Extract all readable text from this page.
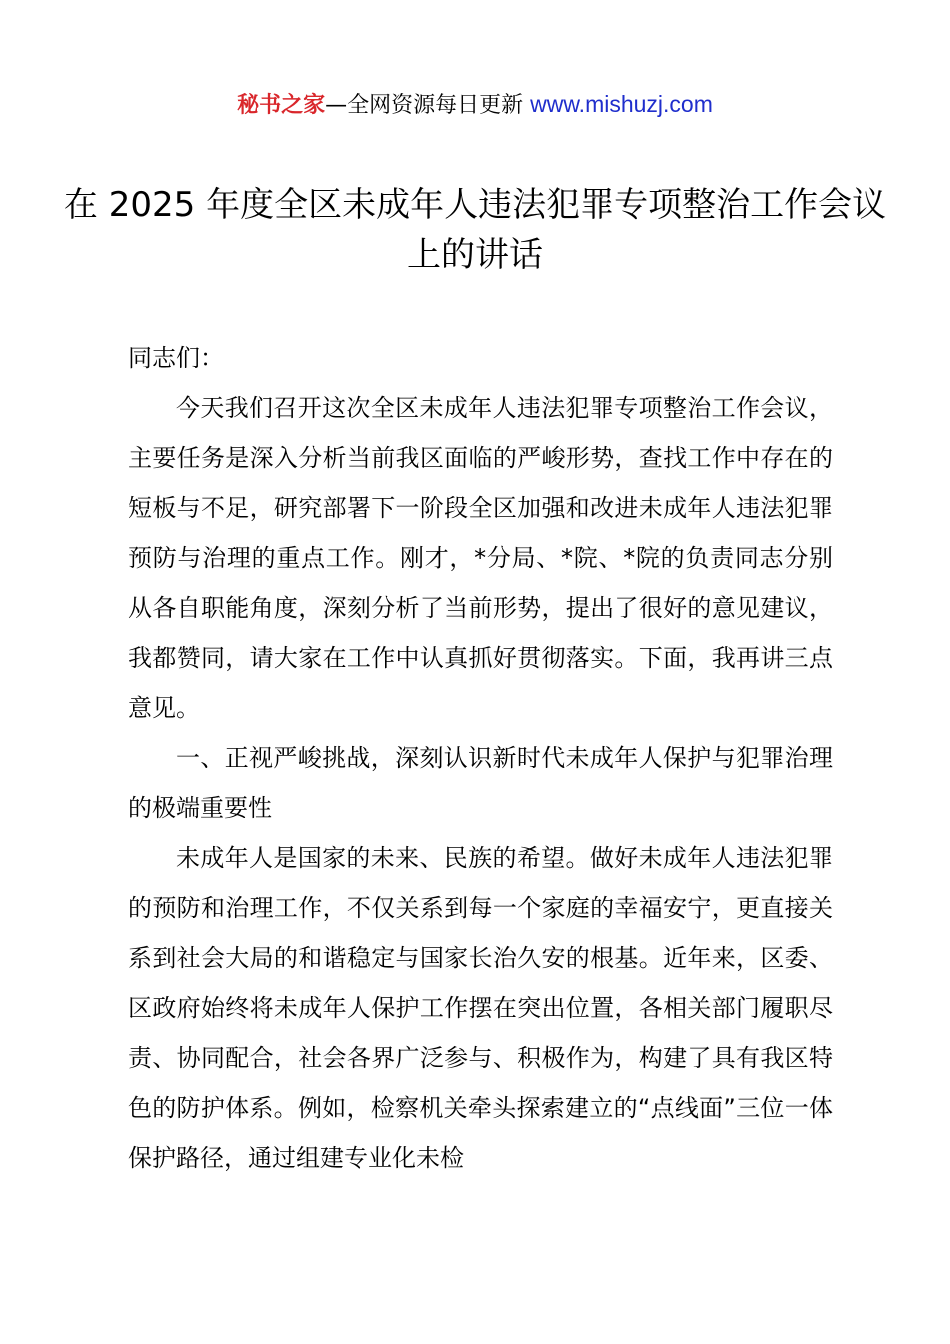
秘书之家—全网资源每日更新 www.mishuzj.com
在 2025 年度全区未成年人违法犯罪专项整治工作会议上的讲话

同志们：

今天我们召开这次全区未成年人违法犯罪专项整治工作会议，主要任务是深入分析当前我区面临的严峻形势，查找工作中存在的短板与不足，研究部署下一阶段全区加强和改进未成年人违法犯罪预防与治理的重点工作。刚才，*分局、*院、*院的负责同志分别从各自职能角度，深刻分析了当前形势，提出了很好的意见建议，我都赞同，请大家在工作中认真抓好贯彻落实。下面，我再讲三点意见。

一、正视严峻挑战，深刻认识新时代未成年人保护与犯罪治理的极端重要性

未成年人是国家的未来、民族的希望。做好未成年人违法犯罪的预防和治理工作，不仅关系到每一个家庭的幸福安宁，更直接关系到社会大局的和谐稳定与国家长治久安的根基。近年来，区委、区政府始终将未成年人保护工作摆在突出位置，各相关部门履职尽责、协同配合，社会各界广泛参与、积极作为，构建了具有我区特色的防护体系。例如，检察机关牵头探索建立的“点线面”三位一体保护路径，通过组建专业化未检
